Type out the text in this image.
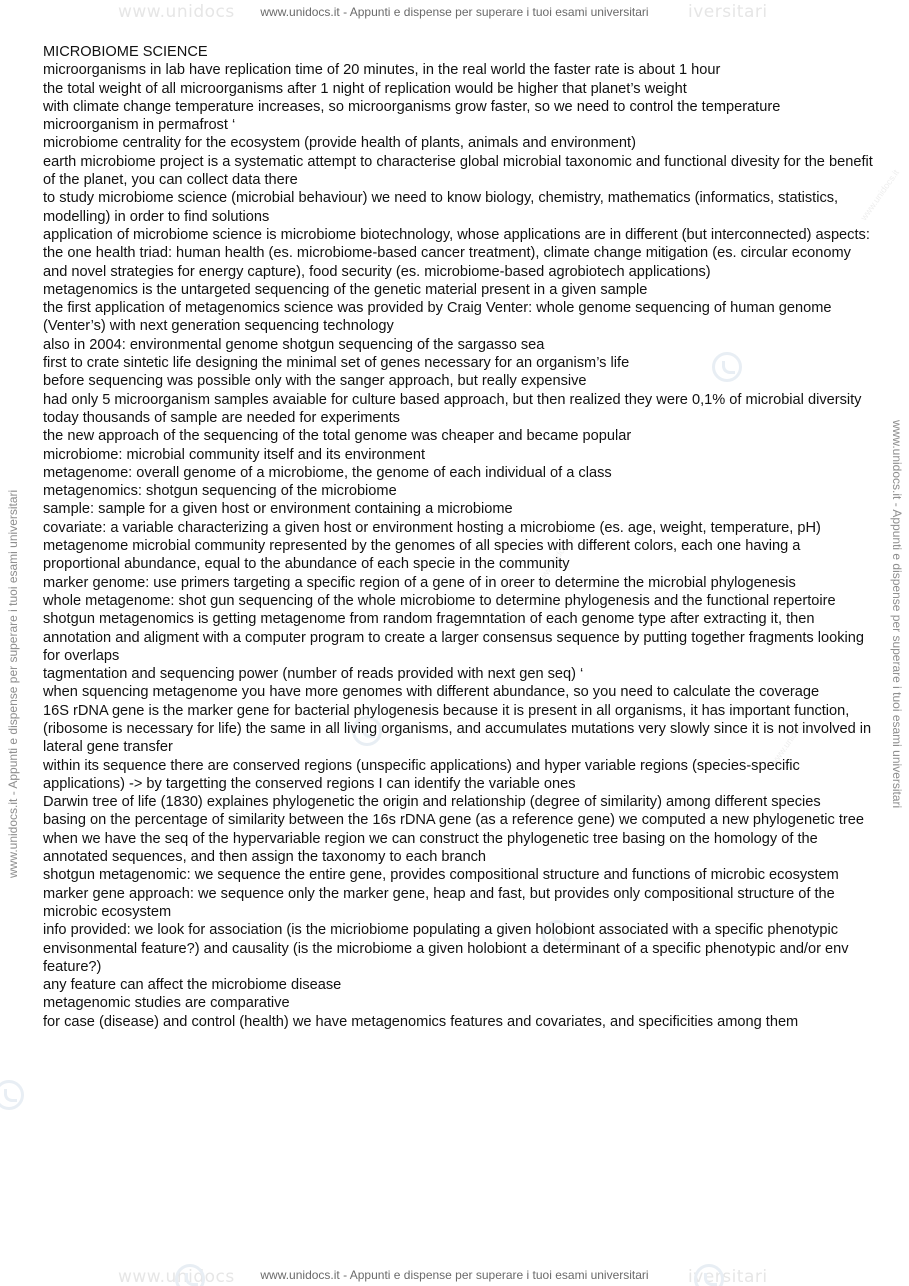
www.unidocs	iversitari
www.unidocs	iversitari
www.unidocs.it - Appunti e dispense per superare i tuoi esami universitari
www.unidocs.it - Appunti e dispense per superare i tuoi esami universitari
www.unidocs.it - Appunti e dispense per superare i tuoi esami universitari	www.unidocs.it - Appunti e dispense per superare i tuoi esami universitari
www.unidocs.it
www.unidocs.it
www.unidocs.it

MICROBIOME SCIENCE

microorganisms in lab have replication time of 20 minutes, in the real world the faster rate is about 1 hour

the total weight of all microorganisms after 1 night of replication would be higher that planet’s weight

with climate change temperature increases, so microorganisms grow faster, so we need to control the temperature

microorganism in permafrost ‘

microbiome centrality for the ecosystem (provide health of plants, animals and environment)

earth microbiome project is a systematic attempt to characterise global microbial taxonomic and functional divesity for the benefit of the planet, you can collect data there

to study microbiome science (microbial behaviour) we need to know biology, chemistry, mathematics (informatics, statistics, modelling) in order to find solutions

application of microbiome science is microbiome biotechnology, whose applications are in different (but interconnected) aspects: the one health triad: human health (es. microbiome-based cancer treatment), climate change mitigation (es. circular economy and novel strategies for energy capture), food security (es. microbiome-based agrobiotech applications)

metagenomics is the untargeted sequencing of the genetic material present in a given sample

the first application of metagenomics science was provided by Craig Venter: whole genome sequencing of human genome (Venter’s) with next generation sequencing technology

also in 2004: environmental genome shotgun sequencing of the sargasso sea

first to crate sintetic life designing the minimal set of genes necessary for an organism’s life

before sequencing was possible only with the sanger approach, but really expensive

had only 5 microorganism samples avaiable for culture based approach, but then realized they were 0,1% of microbial diversity

today thousands of sample are needed for experiments

the new approach of the sequencing of the total genome was cheaper and became popular

microbiome: microbial community itself and its environment

metagenome: overall genome of a microbiome, the genome of each individual of a class

metagenomics: shotgun sequencing of the microbiome

sample: sample for a given host or environment containing a microbiome

covariate: a variable characterizing a given host or environment hosting a microbiome (es. age, weight, temperature, pH)

metagenome microbial community represented by the genomes of all species with different colors, each one having a proportional abundance, equal to the abundance of each specie in the community

marker genome: use primers targeting a specific region of a gene of in oreer to determine the microbial phylogenesis

whole metagenome: shot gun sequencing of the whole microbiome to determine phylogenesis and the functional repertoire

shotgun metagenomics is getting metagenome from random fragemntation of each genome type after extracting it, then annotation and aligment with a computer program to create a larger consensus sequence by putting together fragments looking for overlaps

tagmentation and sequencing power (number of reads provided with next gen seq) ‘

when squencing metagenome you have more genomes with different abundance, so you need to calculate the coverage

16S rDNA gene is the marker gene for bacterial phylogenesis because it is present in all organisms, it has important function, (ribosome is necessary for life) the same in all living organisms, and accumulates mutations very slowly since it is not involved in lateral gene transfer

within its sequence there are conserved regions (unspecific applications) and hyper variable regions (species-specific applications) -> by targetting the conserved regions I can identify the variable ones

Darwin tree of life (1830) explaines phylogenetic the origin and relationship (degree of similarity) among different species

basing on the percentage of similarity between the 16s rDNA gene (as a reference gene) we computed a new phylogenetic tree

when we have the seq of the hypervariable region we can construct the phylogenetic tree basing on the homology of the annotated sequences, and then assign the taxonomy to each branch

shotgun metagenomic: we sequence the entire gene, provides compositional structure and functions of microbic ecosystem

marker gene approach: we sequence only the marker gene, heap and fast, but provides only compositional structure of the microbic ecosystem

info provided: we look for association (is the micriobiome populating a given holobiont associated with a specific phenotypic envisonmental feature?) and causality (is the microbiome a given holobiont a determinant of a specific phenotypic and/or env feature?)

any feature can affect the microbiome disease

metagenomic studies are comparative

for case (disease) and control (health) we have metagenomics features and covariates, and specificities among them
